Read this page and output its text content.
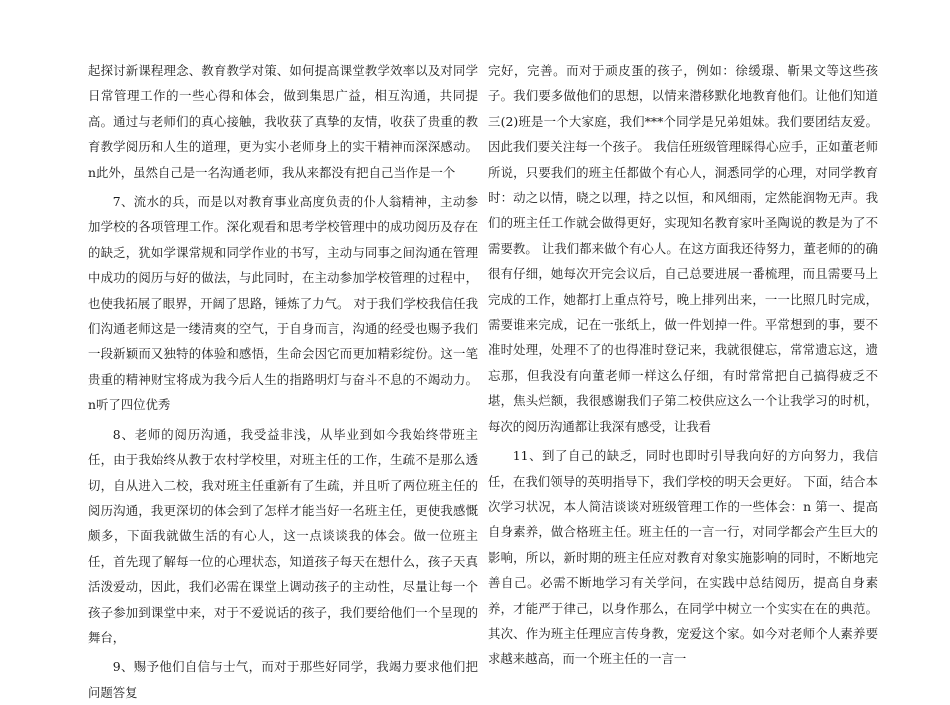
起探讨新课程理念、教育教学对策、如何提高课堂教学效率以及对同学日常管理工作的一些心得和体会，做到集思广益，相互沟通，共同提高。通过与老师们的真心接触，我收获了真挚的友情，收获了贵重的教育教学阅历和人生的道理，更为实小老师身上的实干精神而深深感动。 n此外，虽然自己是一名沟通老师，我从来都没有把自己当作是一个

7、流水的兵，而是以对教育事业高度负责的仆人翁精神，主动参加学校的各项管理工作。深化观看和思考学校管理中的成功阅历及存在的缺乏，犹如学课常规和同学作业的书写，主动与同事之间沟通在管理中成功的阅历与好的做法，与此同时，在主动参加学校管理的过程中，也使我拓展了眼界，开阔了思路，锤炼了力气。 对于我们学校我信任我们沟通老师这是一缕清爽的空气，于自身而言，沟通的经受也赐予我们一段新颖而又独特的体验和感悟，生命会因它而更加精彩绽份。这一笔贵重的精神财宝将成为我今后人生的指路明灯与奋斗不息的不竭动力。 n听了四位优秀

8、老师的阅历沟通，我受益非浅，从毕业到如今我始终带班主任，由于我始终从教于农村学校里，对班主任的工作，生疏不是那么透切，自从进入二校，我对班主任重新有了生疏，并且听了两位班主任的阅历沟通，我更深切的体会到了怎样才能当好一名班主任，更使我感慨颇多，下面我就做生活的有心人，这一点谈谈我的体会。做一位班主任，首先现了解每一位的心理状态，知道孩子每天在想什么，孩子天真活泼爱动，因此，我们必需在课堂上调动孩子的主动性，尽量让每一个孩子参加到课堂中来，对于不爱说话的孩子，我们要给他们一个呈现的舞台，

9、赐予他们自信与士气，而对于那些好同学，我竭力要求他们把问题答复

完好，完善。而对于顽皮蛋的孩子，例如：徐缓璟、靳果文等这些孩子。我们要多做他们的思想，以情来潜移默化地教育他们。让他们知道三(2)班是一个大家庭，我们***个同学是兄弟姐妹。我们要团结友爱。因此我们要关注每一个孩子。 我信任班级管理睬得心应手，正如董老师所说，只要我们的班主任都做个有心人，洞悉同学的心理，对同学教育时：动之以情，晓之以理，持之以恒，和风细雨，定然能润物无声。我们的班主任工作就会做得更好，实现知名教育家叶圣陶说的教是为了不需要教。 让我们都来做个有心人。在这方面我还待努力，董老师的的确很有仔细，她每次开完会议后，自己总要进展一番梳理，而且需要马上完成的工作，她都打上重点符号，晚上排列出来，一一比照几时完成，需要谁来完成，记在一张纸上，做一件划掉一件。平常想到的事，要不准时处理，处理不了的也得准时登记来，我就很健忘，常常遗忘这，遗忘那，但我没有向董老师一样这么仔细，有时常常把自己搞得疲乏不堪，焦头烂额，我很感谢我们子第二校供应这么一个让我学习的时机，每次的阅历沟通都让我深有感受，让我看

11、到了自己的缺乏，同时也即时引导我向好的方向努力，我信任，在我们领导的英明指导下，我们学校的明天会更好。 下面，结合本次学习状况，本人简洁谈谈对班级管理工作的一些体会：n 第一、提高自身素养，做合格班主任。班主任的一言一行，对同学都会产生巨大的影响，所以，新时期的班主任应对教育对象实施影响的同时，不断地完善自己。必需不断地学习有关学问，在实践中总结阅历，提高自身素养，才能严于律己，以身作那么，在同学中树立一个实实在在的典范。 其次、作为班主任理应言传身教，宠爱这个家。如今对老师个人素养要求越来越高，而一个班主任的一言一
